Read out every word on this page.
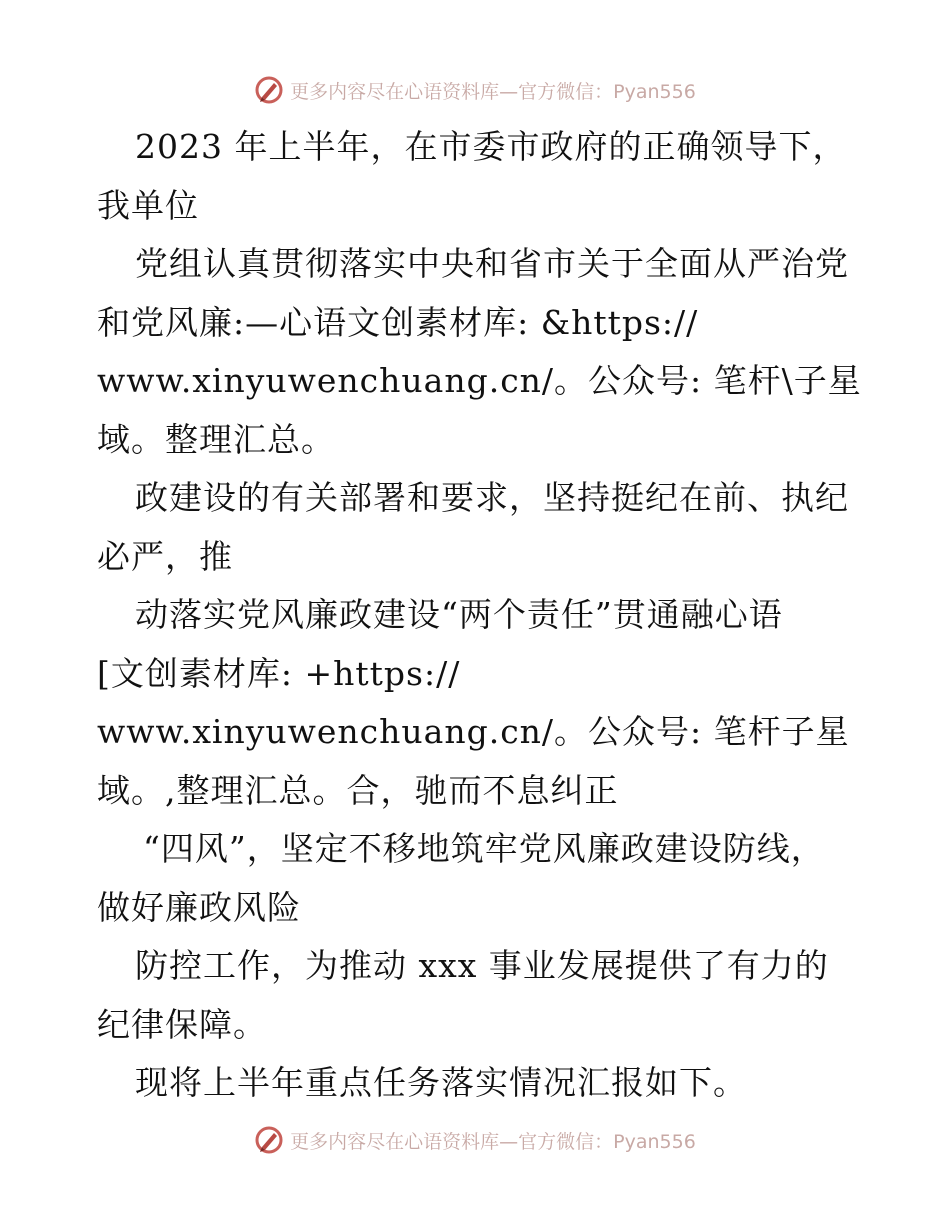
更多内容尽在心语资料库—官方微信：Pyan556
2023 年上半年，在市委市政府的正确领导下，
我单位
党组认真贯彻落实中央和省市关于全面从严治党
和党风廉:—心语文创素材库: &https://
www.xinyuwenchuang.cn/。公众号: 笔杆\子星
域。整理汇总。
政建设的有关部署和要求，坚持挺纪在前、执纪
必严，推
动落实党风廉政建设“两个责任”贯通融心语
[文创素材库: +https://
www.xinyuwenchuang.cn/。公众号: 笔杆子星
域。,整理汇总。合，驰而不息纠正
“四风”，坚定不移地筑牢党风廉政建设防线，
做好廉政风险
防控工作，为推动 xxx 事业发展提供了有力的
纪律保障。
现将上半年重点任务落实情况汇报如下。
更多内容尽在心语资料库—官方微信：Pyan556
